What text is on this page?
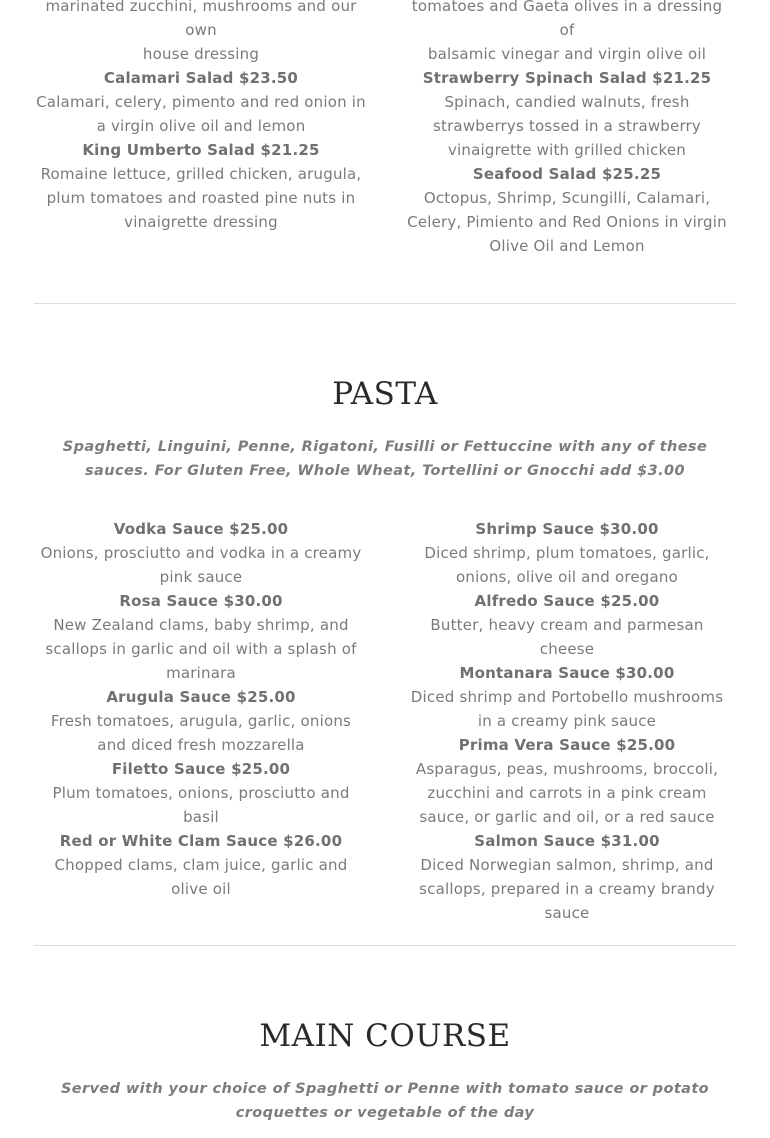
marinated zucchini, mushrooms and our own
house dressing
Calamari Salad $23.50
Calamari, celery, pimento and red onion in a virgin olive oil and lemon
King Umberto Salad $21.25
Romaine lettuce, grilled chicken, arugula, plum tomatoes and roasted pine nuts in vinaigrette dressing
tomatoes and Gaeta olives in a dressing of
balsamic vinegar and virgin olive oil
Strawberry Spinach Salad $21.25
Spinach, candied walnuts, fresh strawberrys tossed in a strawberry vinaigrette with grilled chicken
Seafood Salad $25.25
Octopus, Shrimp, Scungilli, Calamari, Celery, Pimiento and Red Onions in virgin Olive Oil and Lemon
PASTA
Spaghetti, Linguini, Penne, Rigatoni, Fusilli or Fettuccine with any of these sauces. For Gluten Free, Whole Wheat, Tortellini or Gnocchi add $3.00
Vodka Sauce $25.00
Onions, prosciutto and vodka in a creamy pink sauce
Rosa Sauce $30.00
New Zealand clams, baby shrimp, and scallops in garlic and oil with a splash of marinara
Arugula Sauce $25.00
Fresh tomatoes, arugula, garlic, onions and diced fresh mozzarella
Filetto Sauce $25.00
Plum tomatoes, onions, prosciutto and basil
Red or White Clam Sauce $26.00
Chopped clams, clam juice, garlic and olive oil
Shrimp Sauce $30.00
Diced shrimp, plum tomatoes, garlic, onions, olive oil and oregano
Alfredo Sauce $25.00
Butter, heavy cream and parmesan cheese
Montanara Sauce $30.00
Diced shrimp and Portobello mushrooms in a creamy pink sauce
Prima Vera Sauce $25.00
Asparagus, peas, mushrooms, broccoli, zucchini and carrots in a pink cream sauce, or garlic and oil, or a red sauce
Salmon Sauce $31.00
Diced Norwegian salmon, shrimp, and scallops, prepared in a creamy brandy sauce
MAIN COURSE
Served with your choice of Spaghetti or Penne with tomato sauce or potato croquettes or vegetable of the day
